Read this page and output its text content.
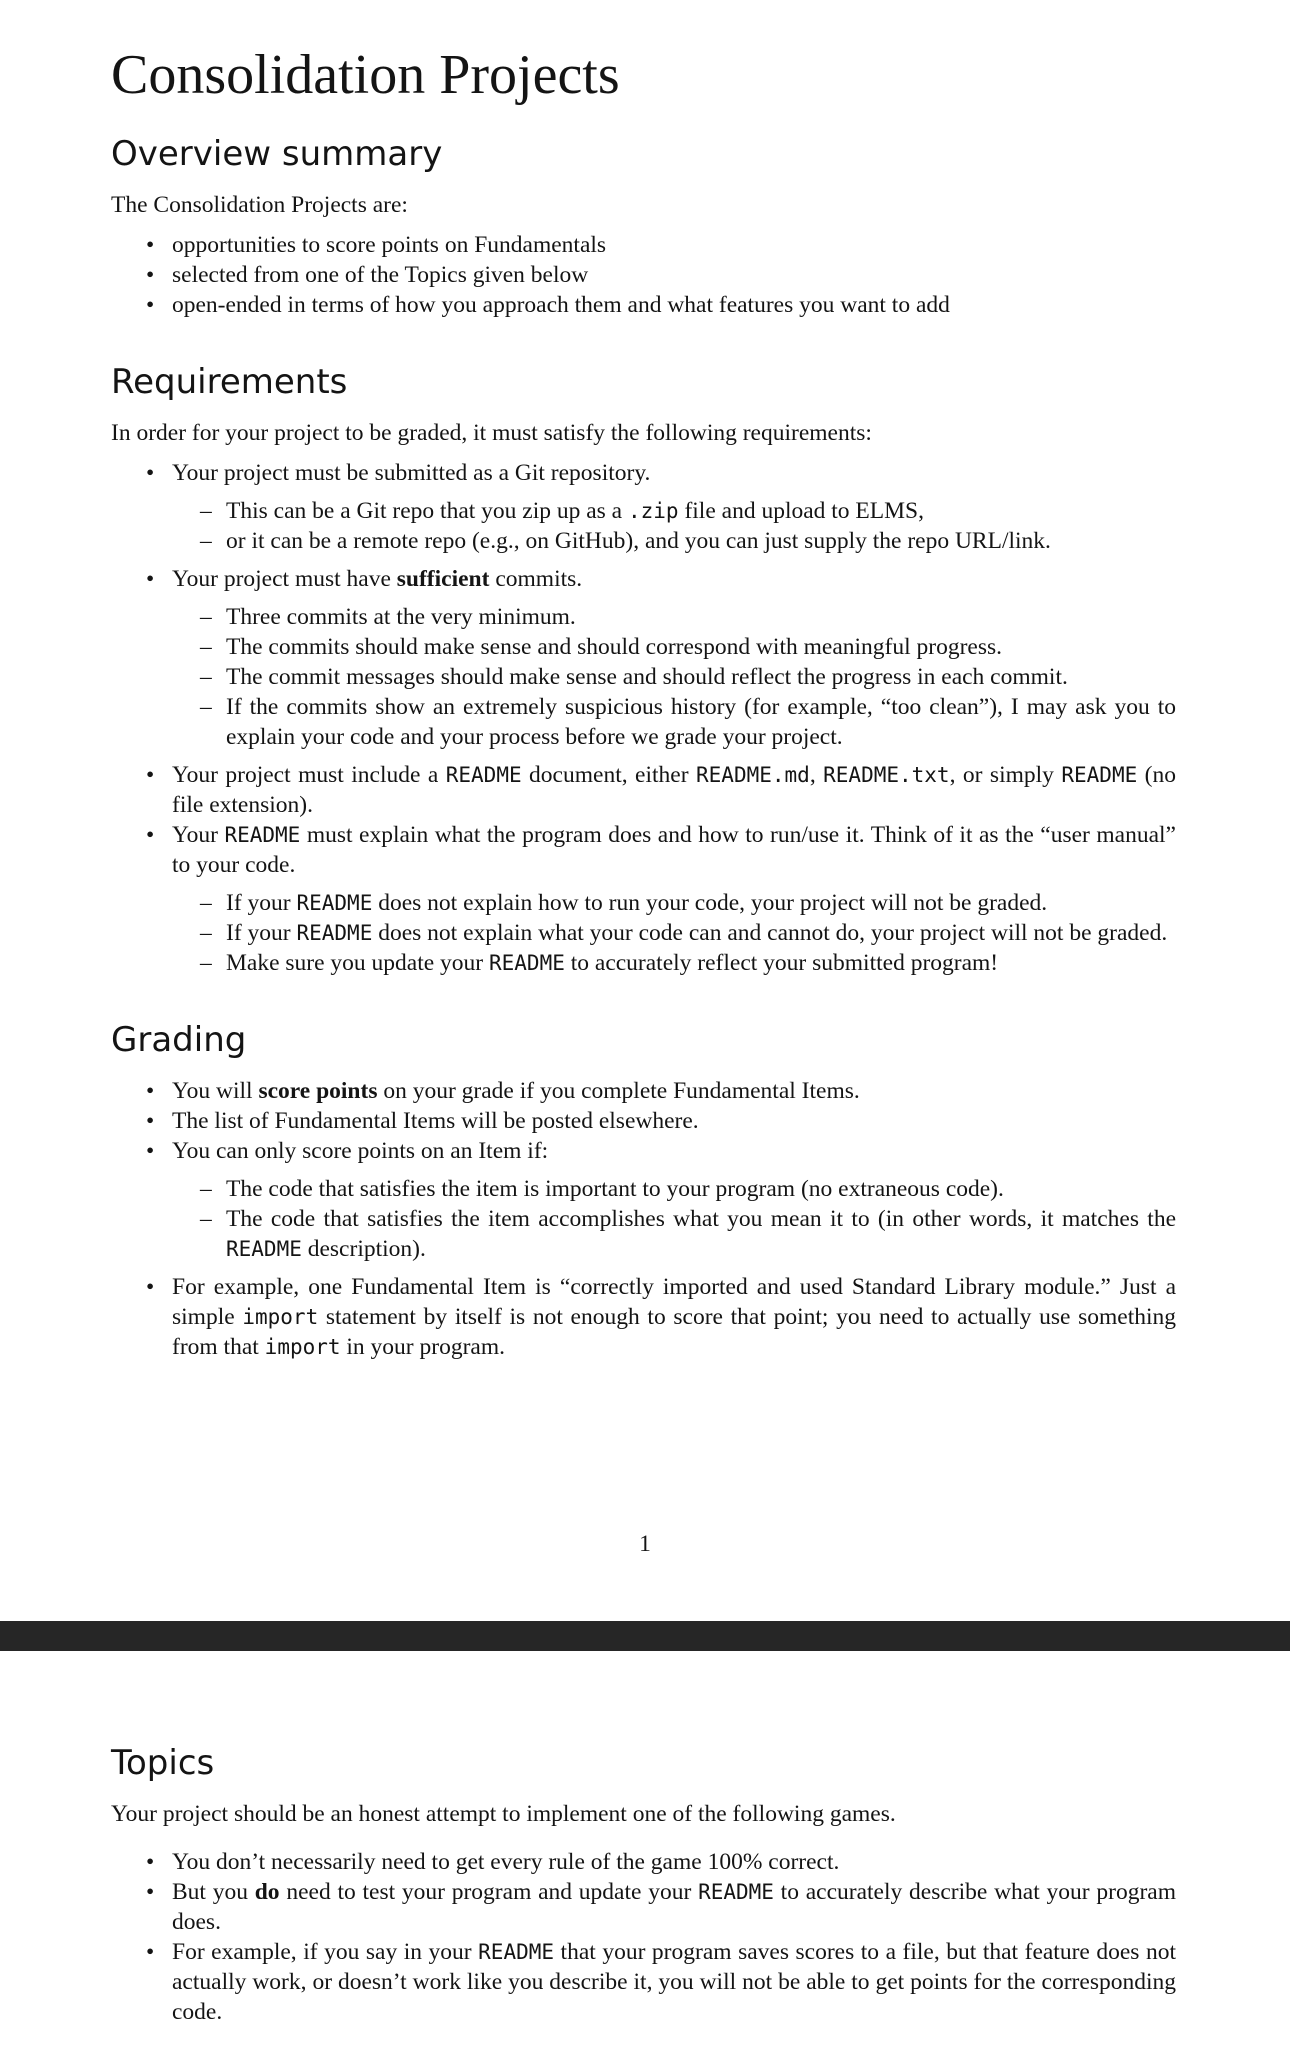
Consolidation Projects
Overview summary

The Consolidation Projects are:

• opportunities to score points on Fundamentals
• selected from one of the Topics given below
• open-ended in terms of how you approach them and what features you want to add
Requirements

In order for your project to be graded, it must satisfy the following requirements:

• Your project must be submitted as a Git repository.
– This can be a Git repo that you zip up as a .zip file and upload to ELMS,
– or it can be a remote repo (e.g., on GitHub), and you can just supply the repo URL/link.
• Your project must have sufficient commits.
– Three commits at the very minimum.
– The commits should make sense and should correspond with meaningful progress.
– The commit messages should make sense and should reflect the progress in each commit.
– If the commits show an extremely suspicious history (for example, “too clean”), I may ask you to explain your code and your process before we grade your project.
• Your project must include a README document, either README.md, README.txt, or simply README (no file extension).
• Your README must explain what the program does and how to run/use it. Think of it as the “user manual” to your code.
– If your README does not explain how to run your code, your project will not be graded.
– If your README does not explain what your code can and cannot do, your project will not be graded.
– Make sure you update your README to accurately reflect your submitted program!
Grading
• You will score points on your grade if you complete Fundamental Items.
• The list of Fundamental Items will be posted elsewhere.
• You can only score points on an Item if:
– The code that satisfies the item is important to your program (no extraneous code).
– The code that satisfies the item accomplishes what you mean it to (in other words, it matches the README description).
• For example, one Fundamental Item is “correctly imported and used Standard Library module.” Just a simple import statement by itself is not enough to score that point; you need to actually use something from that import in your program.
1
Topics

Your project should be an honest attempt to implement one of the following games.

• You don’t necessarily need to get every rule of the game 100% correct.
• But you do need to test your program and update your README to accurately describe what your program does.
• For example, if you say in your README that your program saves scores to a file, but that feature does not actually work, or doesn’t work like you describe it, you will not be able to get points for the corresponding code.
